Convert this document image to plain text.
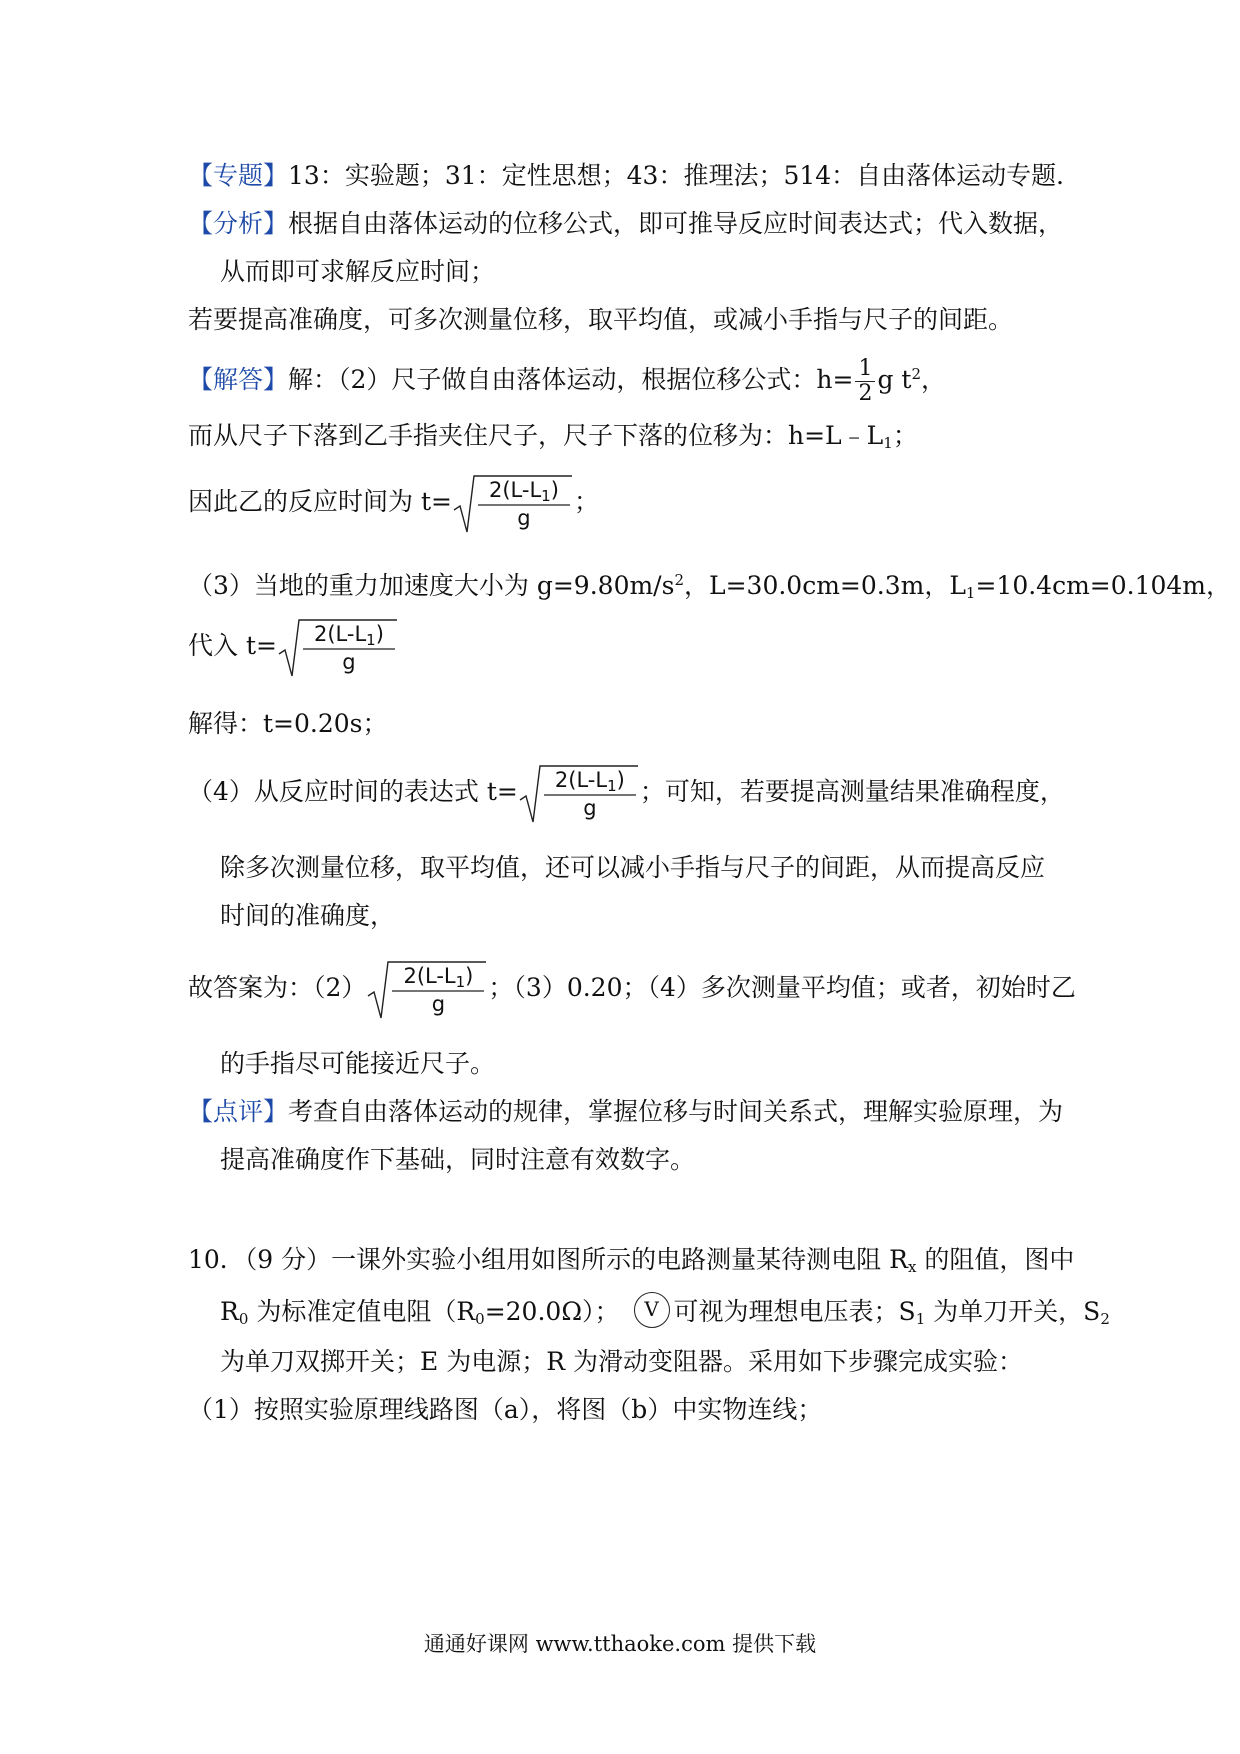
【专题】13：实验题；31：定性思想；43：推理法；514：自由落体运动专题．
【分析】根据自由落体运动的位移公式，即可推导反应时间表达式；代入数据，
从而即可求解反应时间；
若要提高准确度，可多次测量位移，取平均值，或减小手指与尺子的间距。
【解答】解：（2）尺子做自由落体运动，根据位移公式：$h= \frac{1}{2}$ g $t^2$，
而从尺子下落到乙手指夹住尺子，尺子下落的位移为：$h=L﹣L_1$；
因此乙的反应时间为 t=	$2(L-L_1)$
g
；
（3）当地的重力加速度大小为 $g=9.80m/s^2$，L=30.0cm=0.3m，$L_1=10.4cm=0.104m$，
代入 t=	$2(L-L_1)$
g
解得：t=0.20s；
（4）从反应时间的表达式 t=	$2(L-L_1)$
g
；可知，若要提高测量结果准确程度，
除多次测量位移，取平均值，还可以减小手指与尺子的间距，从而提高反应
时间的准确度，
故答案为：（2）	$2(L-L_1)$
g
；（3）0.20；（4）多次测量平均值；或者，初始时乙
的手指尽可能接近尺子。
【点评】考查自由落体运动的规律，掌握位移与时间关系式，理解实验原理，为
提高准确度作下基础，同时注意有效数字。
10．（9 分）一课外实验小组用如图所示的电路测量某待测电阻 $R_x$ 的阻值，图中
$R_0$ 为标准定值电阻$(R_0=20.0\Omega)$； V 可视为理想电压表；$S_1$ 为单刀开关，$S_2$
为单刀双掷开关；E 为电源；R 为滑动变阻器。采用如下步骤完成实验：
（1）按照实验原理线路图（a），将图（b）中实物连线；
通通好课网 www.tthaoke.com 提供下载
